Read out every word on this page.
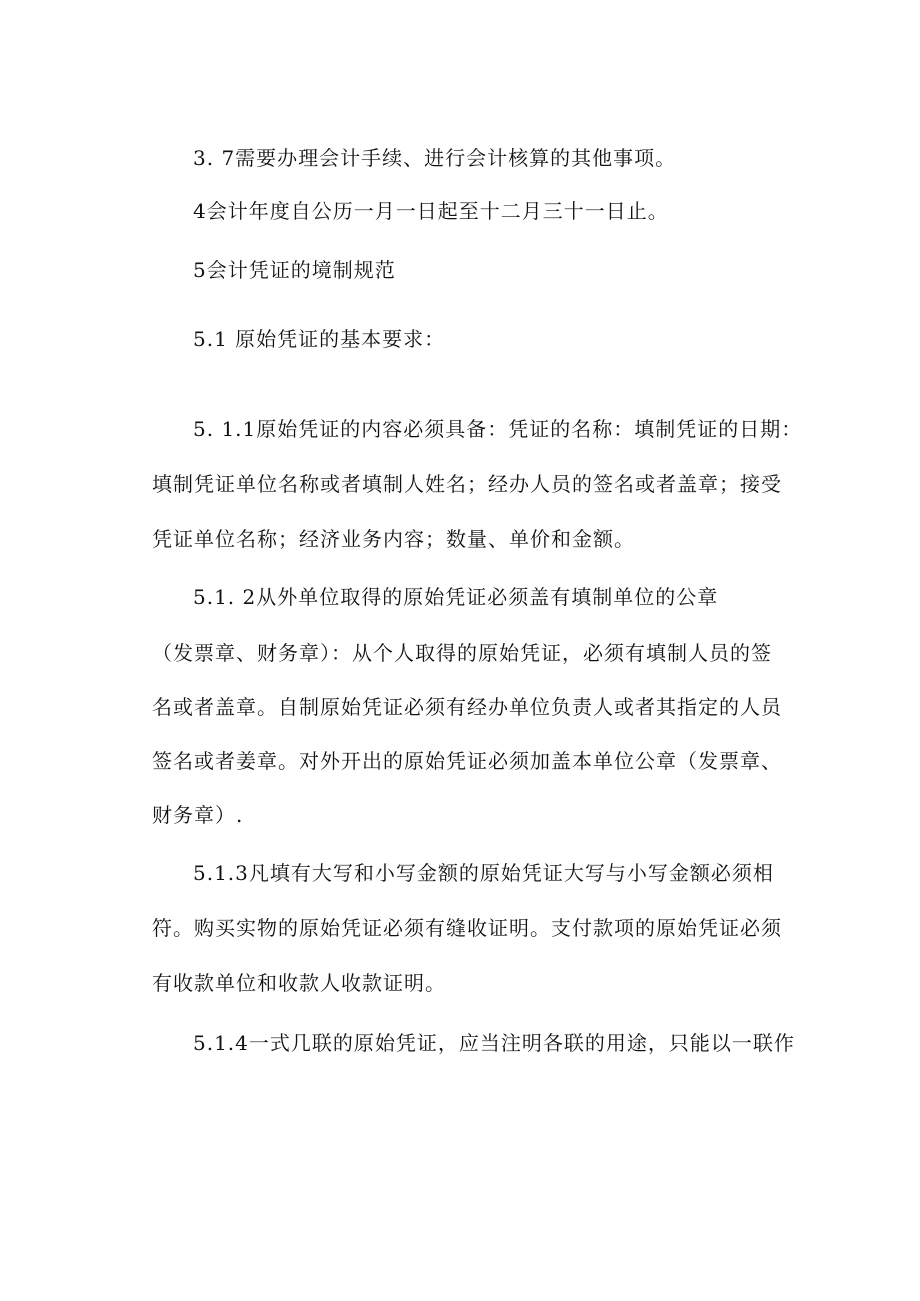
3. 7需要办理会计手续、进行会计核算的其他事项。
4会计年度自公历一月一日起至十二月三十一日止。
5会计凭证的境制规范
5.1 原始凭证的基本要求：
5. 1.1原始凭证的内容必须具备：凭证的名称：填制凭证的日期：
填制凭证单位名称或者填制人姓名；经办人员的签名或者盖章；接受
凭证单位名称；经济业务内容；数量、单价和金额。
5.1. 2从外单位取得的原始凭证必须盖有填制单位的公章
（发票章、财务章）：从个人取得的原始凭证，必须有填制人员的签
名或者盖章。自制原始凭证必须有经办单位负责人或者其指定的人员
签名或者姜章。对外开出的原始凭证必须加盖本单位公章（发票章、
财务章）.
5.1.3凡填有大写和小写金额的原始凭证大写与小写金额必须相
符。购买实物的原始凭证必须有缝收证明。支付款项的原始凭证必须
有收款单位和收款人收款证明。
5.1.4一式几联的原始凭证，应当注明各联的用途，只能以一联作
